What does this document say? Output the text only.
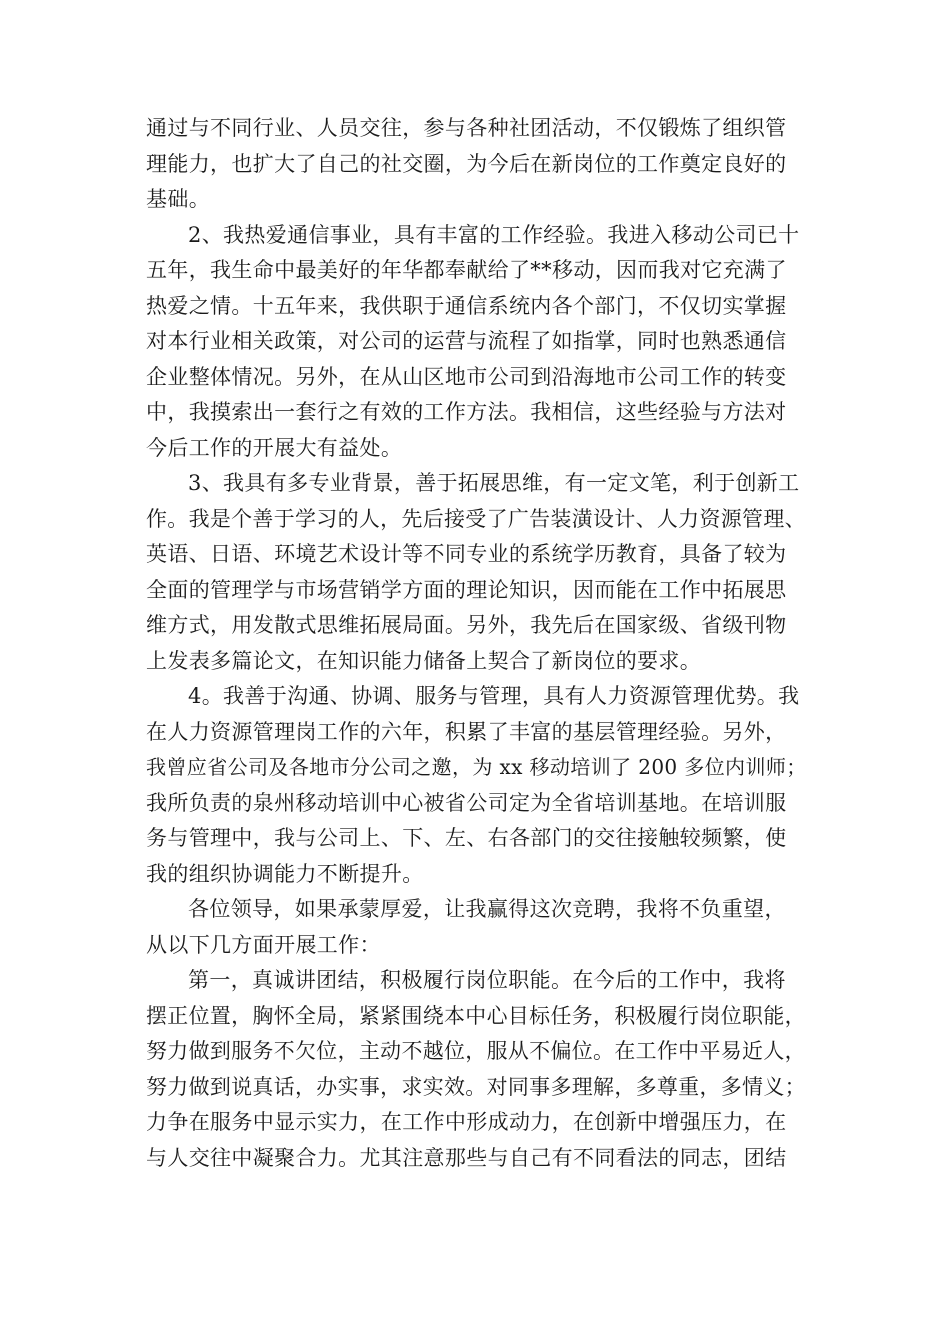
通过与不同行业、人员交往，参与各种社团活动，不仅锻炼了组织管

理能力，也扩大了自己的社交圈，为今后在新岗位的工作奠定良好的

基础。

2、我热爱通信事业，具有丰富的工作经验。我进入移动公司已十

五年，我生命中最美好的年华都奉献给了**移动，因而我对它充满了

热爱之情。十五年来，我供职于通信系统内各个部门，不仅切实掌握

对本行业相关政策，对公司的运营与流程了如指掌，同时也熟悉通信

企业整体情况。另外，在从山区地市公司到沿海地市公司工作的转变

中，我摸索出一套行之有效的工作方法。我相信，这些经验与方法对

今后工作的开展大有益处。

3、我具有多专业背景，善于拓展思维，有一定文笔，利于创新工

作。我是个善于学习的人，先后接受了广告装潢设计、人力资源管理、

英语、日语、环境艺术设计等不同专业的系统学历教育，具备了较为

全面的管理学与市场营销学方面的理论知识，因而能在工作中拓展思

维方式，用发散式思维拓展局面。另外，我先后在国家级、省级刊物

上发表多篇论文，在知识能力储备上契合了新岗位的要求。

4。我善于沟通、协调、服务与管理，具有人力资源管理优势。我

在人力资源管理岗工作的六年，积累了丰富的基层管理经验。另外，

我曾应省公司及各地市分公司之邀，为 xx 移动培训了 200 多位内训师；

我所负责的泉州移动培训中心被省公司定为全省培训基地。在培训服

务与管理中，我与公司上、下、左、右各部门的交往接触较频繁，使

我的组织协调能力不断提升。

各位领导，如果承蒙厚爱，让我赢得这次竞聘，我将不负重望，

从以下几方面开展工作：

第一，真诚讲团结，积极履行岗位职能。在今后的工作中，我将

摆正位置，胸怀全局，紧紧围绕本中心目标任务，积极履行岗位职能，

努力做到服务不欠位，主动不越位，服从不偏位。在工作中平易近人，

努力做到说真话，办实事，求实效。对同事多理解，多尊重，多情义；

力争在服务中显示实力，在工作中形成动力，在创新中增强压力，在

与人交往中凝聚合力。尤其注意那些与自己有不同看法的同志，团结
